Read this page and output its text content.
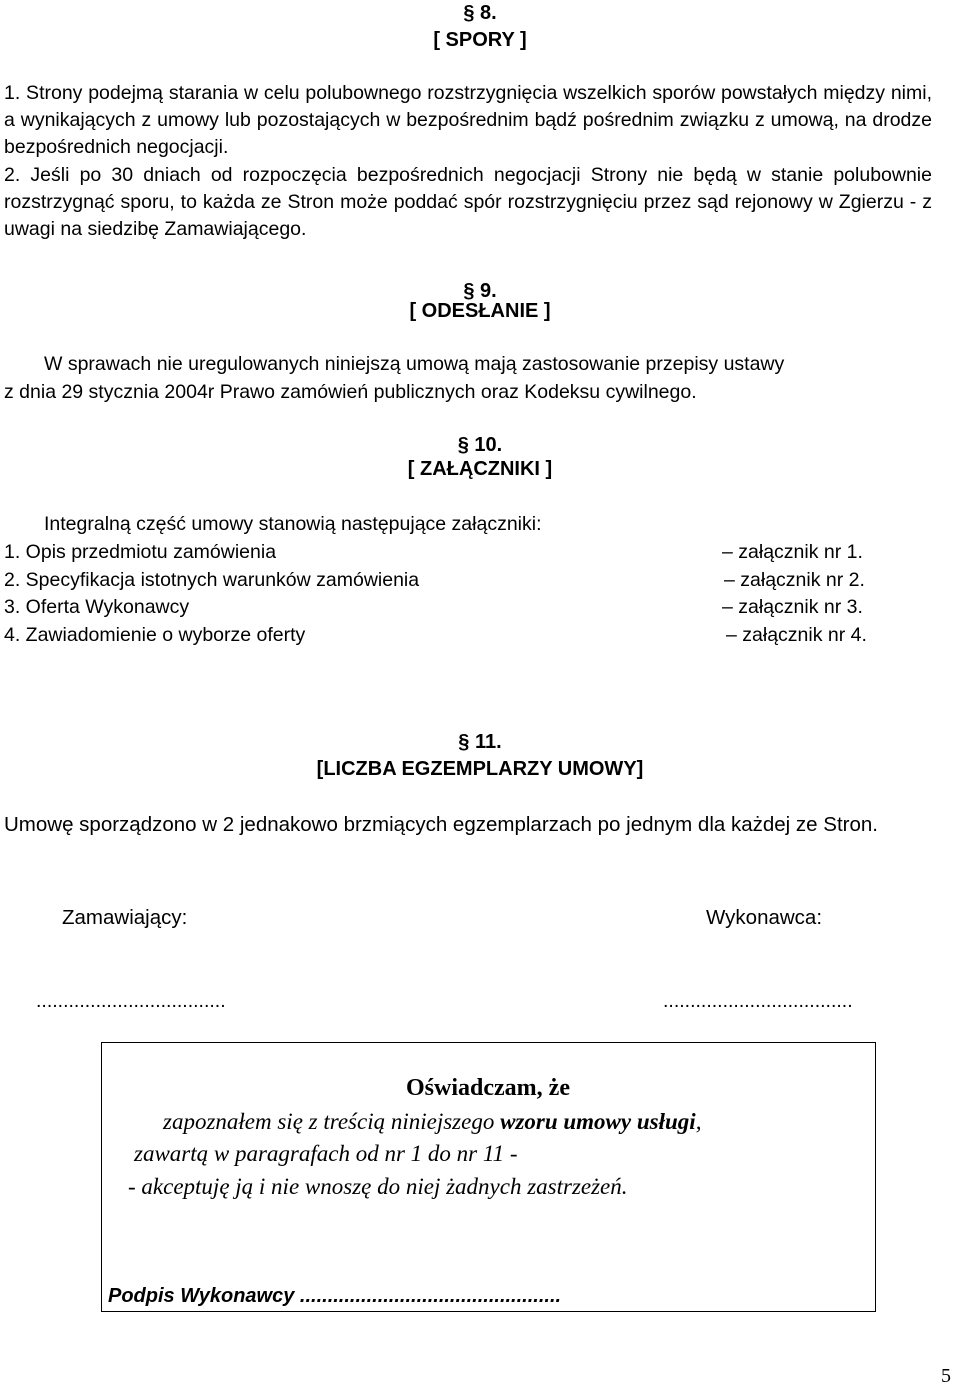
§ 8.
[ SPORY ]
1. Strony podejmą starania w celu polubownego rozstrzygnięcia wszelkich sporów powstałych między nimi, a wynikających z umowy lub pozostających w bezpośrednim bądź pośrednim związku z umową, na drodze bezpośrednich negocjacji.
2. Jeśli po 30 dniach od rozpoczęcia bezpośrednich negocjacji Strony nie będą w stanie polubownie rozstrzygnąć sporu, to każda ze Stron może poddać spór rozstrzygnięciu przez sąd rejonowy w Zgierzu - z uwagi na siedzibę Zamawiającego.
§ 9.
[ ODESŁANIE ]
W sprawach nie uregulowanych niniejszą umową mają zastosowanie przepisy ustawy
z dnia 29 stycznia 2004r Prawo zamówień publicznych oraz Kodeksu cywilnego.
§ 10.
[ ZAŁĄCZNIKI ]
Integralną część umowy stanowią następujące załączniki:
1. Opis przedmiotu zamówienia	– załącznik nr 1.
2. Specyfikacja istotnych warunków zamówienia	– załącznik nr 2.
3. Oferta Wykonawcy	– załącznik nr 3.
4. Zawiadomienie o wyborze oferty	– załącznik nr 4.
§ 11.
[LICZBA EGZEMPLARZY UMOWY]
Umowę sporządzono w 2 jednakowo brzmiących egzemplarzach po jednym dla każdej ze Stron.
Zamawiający:	Wykonawca:
...................................	...................................
Oświadczam, że
zapoznałem się z treścią niniejszego wzoru umowy usługi,
zawartą w paragrafach od nr 1 do nr 11 -
- akceptuję ją i nie wnoszę do niej żadnych zastrzeżeń.
Podpis Wykonawcy ...............................................
5
